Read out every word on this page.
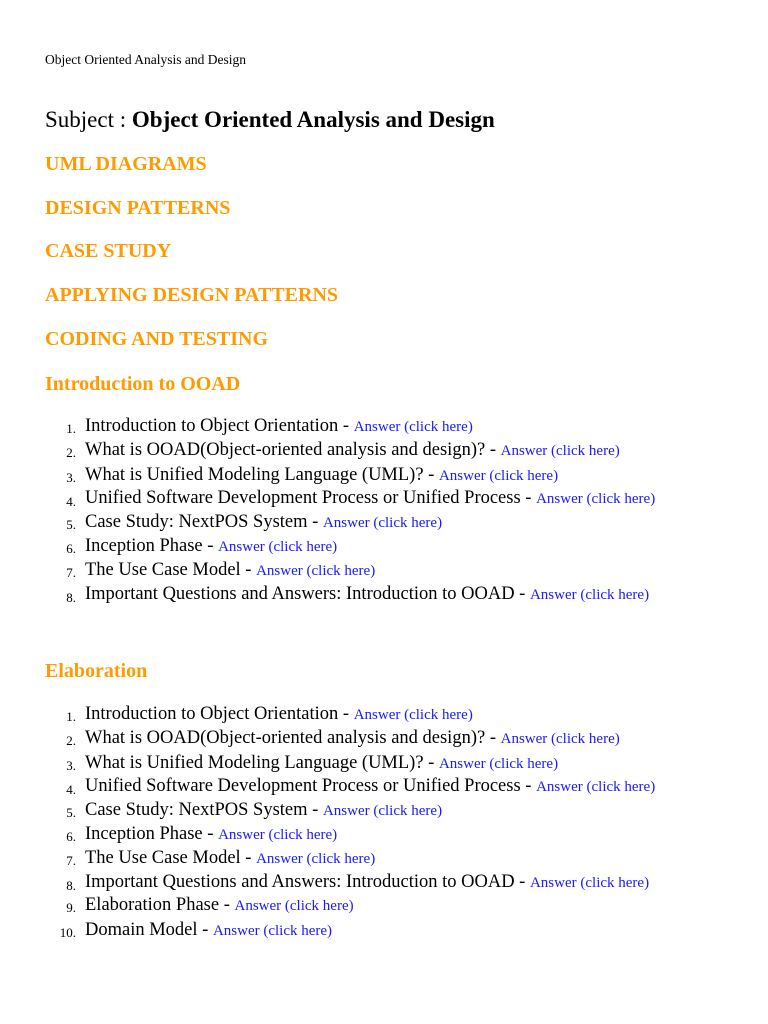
Object Oriented Analysis and Design
Subject : Object Oriented Analysis and Design
UML DIAGRAMS
DESIGN PATTERNS
CASE STUDY
APPLYING DESIGN PATTERNS
CODING AND TESTING
Introduction to OOAD
1. Introduction to Object Orientation - Answer (click here)
2. What is OOAD(Object-oriented analysis and design)? - Answer (click here)
3. What is Unified Modeling Language (UML)? - Answer (click here)
4. Unified Software Development Process or Unified Process - Answer (click here)
5. Case Study: NextPOS System - Answer (click here)
6. Inception Phase - Answer (click here)
7. The Use Case Model - Answer (click here)
8. Important Questions and Answers: Introduction to OOAD - Answer (click here)
Elaboration
1. Introduction to Object Orientation - Answer (click here)
2. What is OOAD(Object-oriented analysis and design)? - Answer (click here)
3. What is Unified Modeling Language (UML)? - Answer (click here)
4. Unified Software Development Process or Unified Process - Answer (click here)
5. Case Study: NextPOS System - Answer (click here)
6. Inception Phase - Answer (click here)
7. The Use Case Model - Answer (click here)
8. Important Questions and Answers: Introduction to OOAD - Answer (click here)
9. Elaboration Phase - Answer (click here)
10. Domain Model - Answer (click here)
